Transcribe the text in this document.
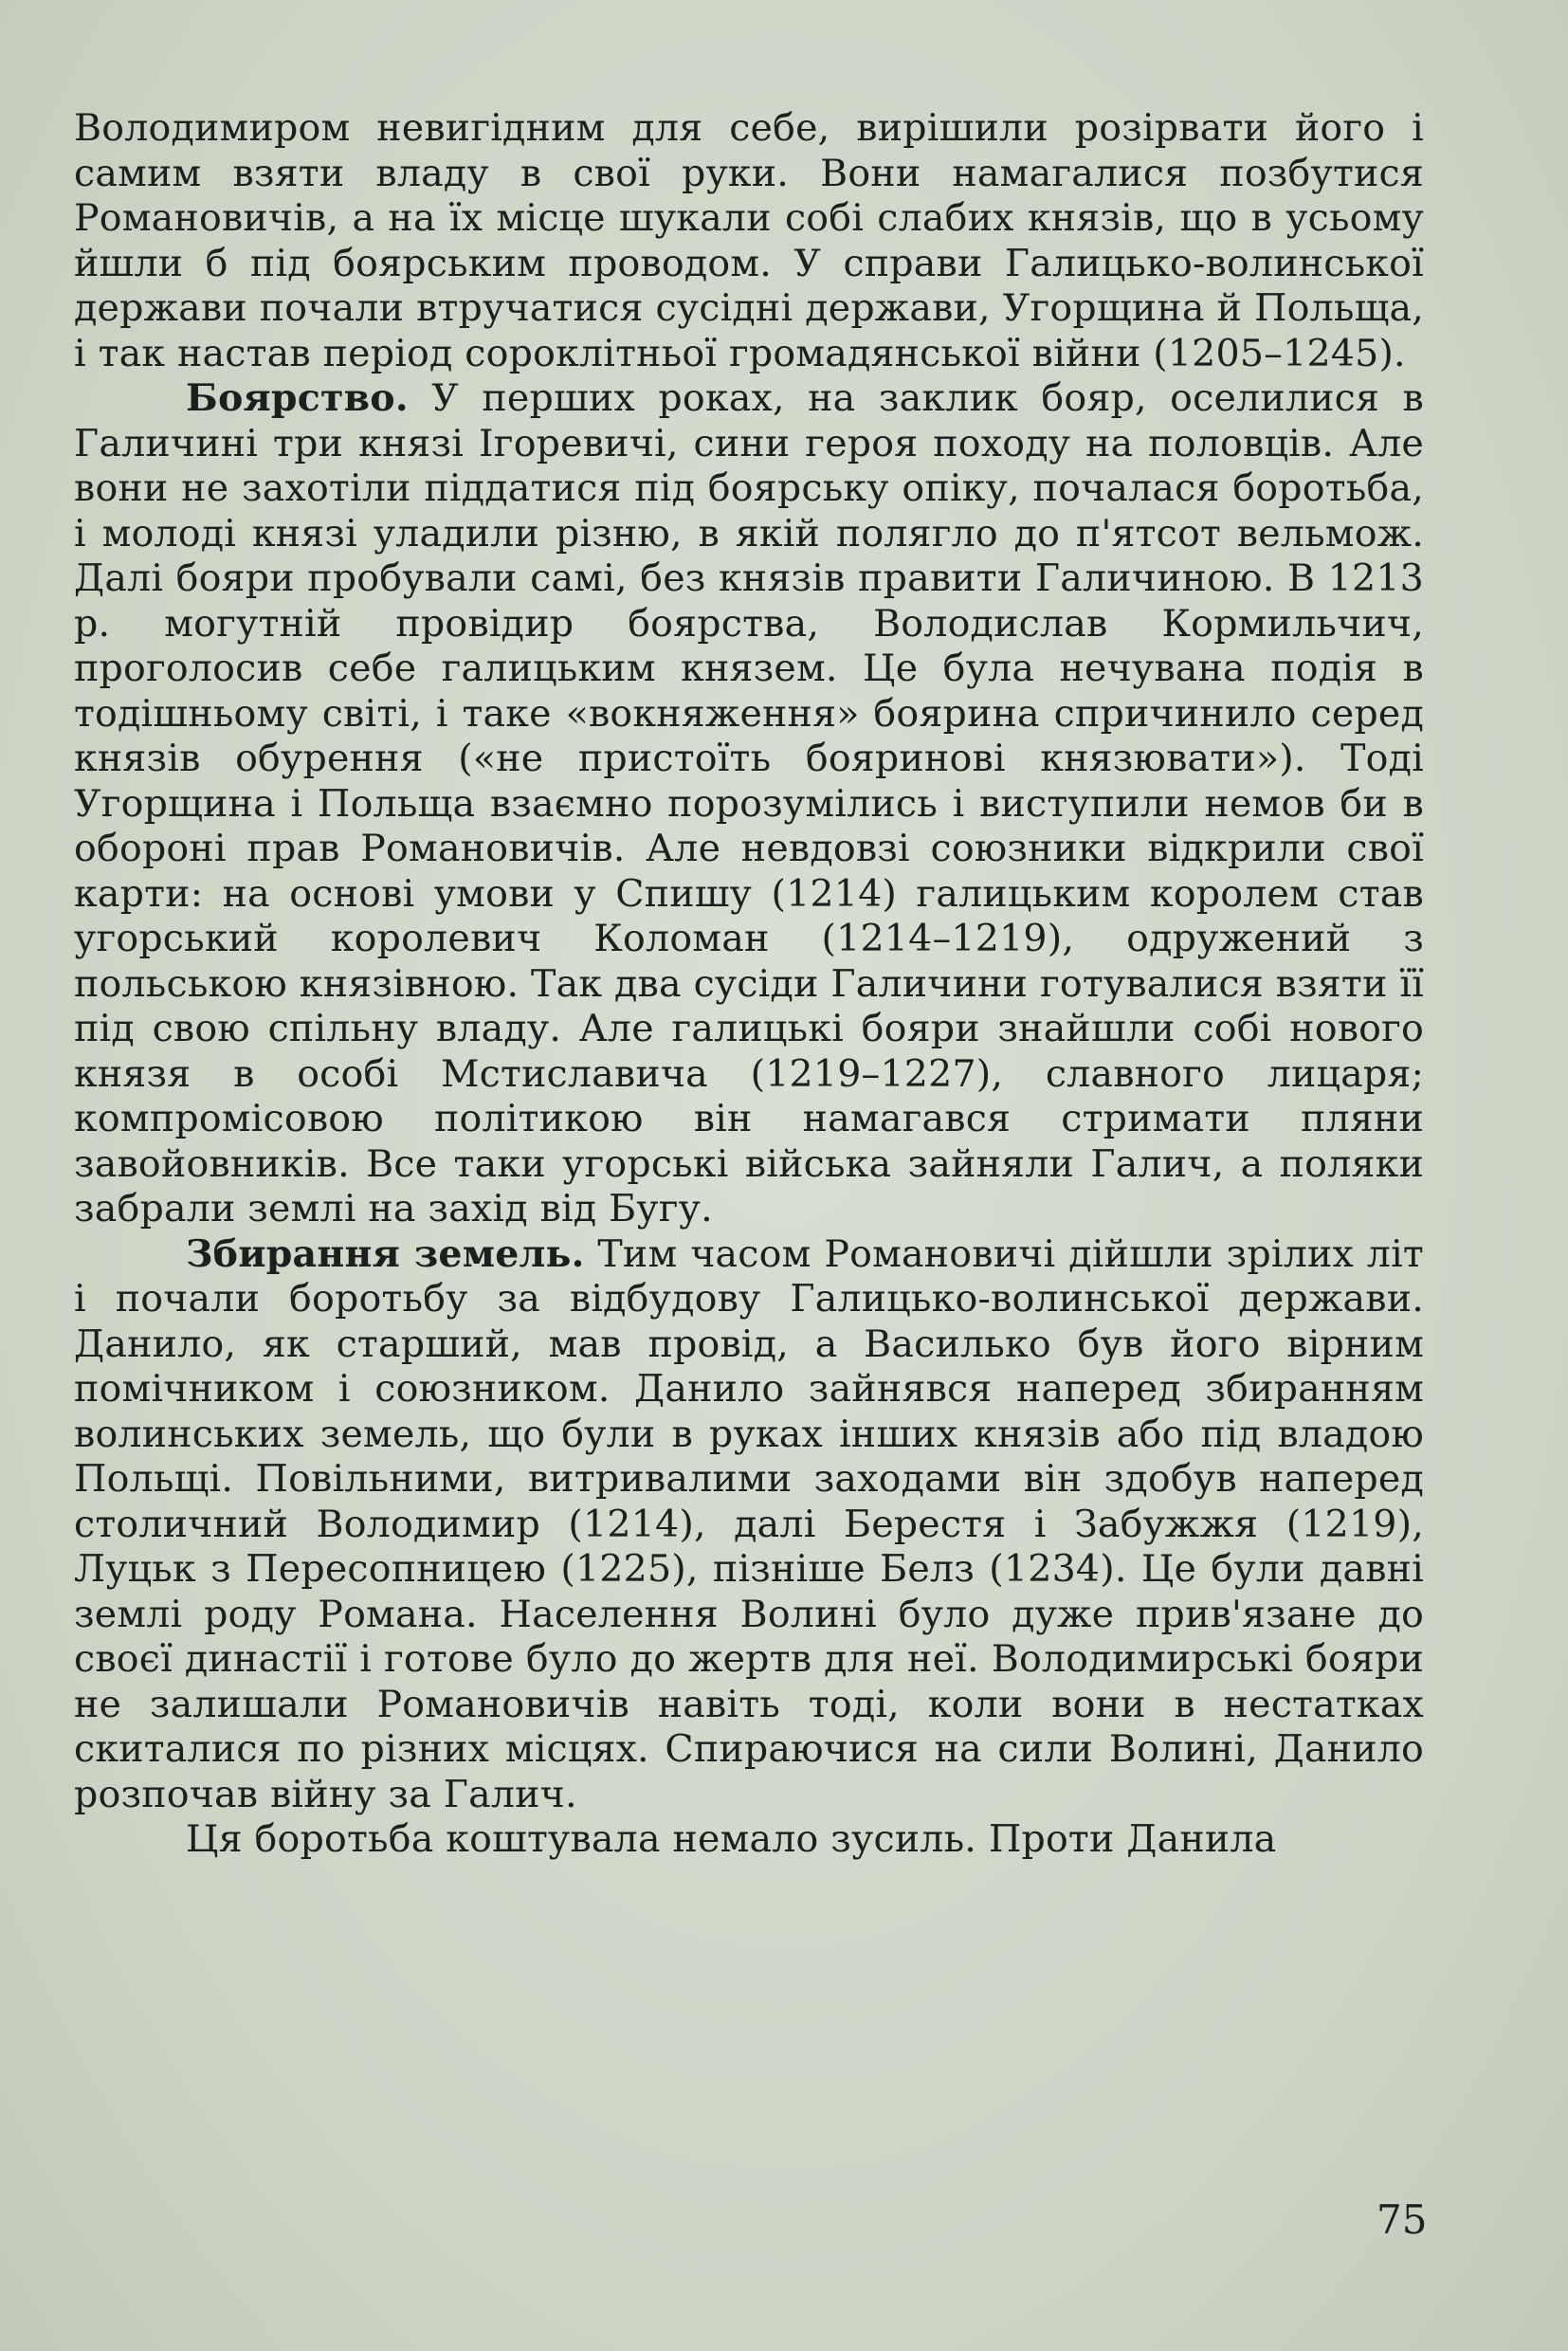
Володимиром невигідним для себе, вирішили розірвати його і самим взяти владу в свої руки. Вони намагалися позбутися Романовичів, а на їх місце шукали собі слабих князів, що в усьому йшли б під боярським проводом. У справи Галицько-волинської держави почали втручатися сусідні держави, Угорщина й Польща, і так настав період сороклітньої громадянської війни (1205–1245).

Боярство. У перших роках, на заклик бояр, оселилися в Галичині три князі Ігоревичі, сини героя походу на половців. Але вони не захотіли піддатися під боярську опіку, почалася боротьба, і молоді князі уладили різню, в якій полягло до п'ятсот вельмож. Далі бояри пробували самі, без князів правити Галичиною. В 1213 р. могутній провідир боярства, Володислав Кормильчич, проголосив себе галицьким князем. Це була нечувана подія в тодішньому світі, і таке «вокняження» боярина спричинило серед князів обурення («не пристоїть бояринові князювати»). Тоді Угорщина і Польща взаємно порозумілись і виступили немов би в обороні прав Романовичів. Але невдовзі союзники відкрили свої карти: на основі умови у Спишу (1214) галицьким королем став угорський королевич Коломан (1214–1219), одружений з польською князівною. Так два сусіди Галичини готувалися взяти її під свою спільну владу. Але галицькі бояри знайшли собі нового князя в особі Мстиславича (1219–1227), славного лицаря; компромісовою політикою він намагався стримати пляни завойовників. Все таки угорські війська зайняли Галич, а поляки забрали землі на захід від Бугу.

Збирання земель. Тим часом Романовичі дійшли зрілих літ і почали боротьбу за відбудову Галицько-волинської держави. Данило, як старший, мав провід, а Василько був його вірним помічником і союзником. Данило зайнявся наперед збиранням волинських земель, що були в руках інших князів або під владою Польщі. Повільними, витривалими заходами він здобув наперед столичний Володимир (1214), далі Берестя і Забужжя (1219), Луцьк з Пересопницею (1225), пізніше Белз (1234). Це були давні землі роду Романа. Населення Волині було дуже прив'язане до своєї династії і готове було до жертв для неї. Володимирські бояри не залишали Романовичів навіть тоді, коли вони в нестатках скиталися по різних місцях. Спираючися на сили Волині, Данило розпочав війну за Галич.

Ця боротьба коштувала немало зусиль. Проти Данила

75
